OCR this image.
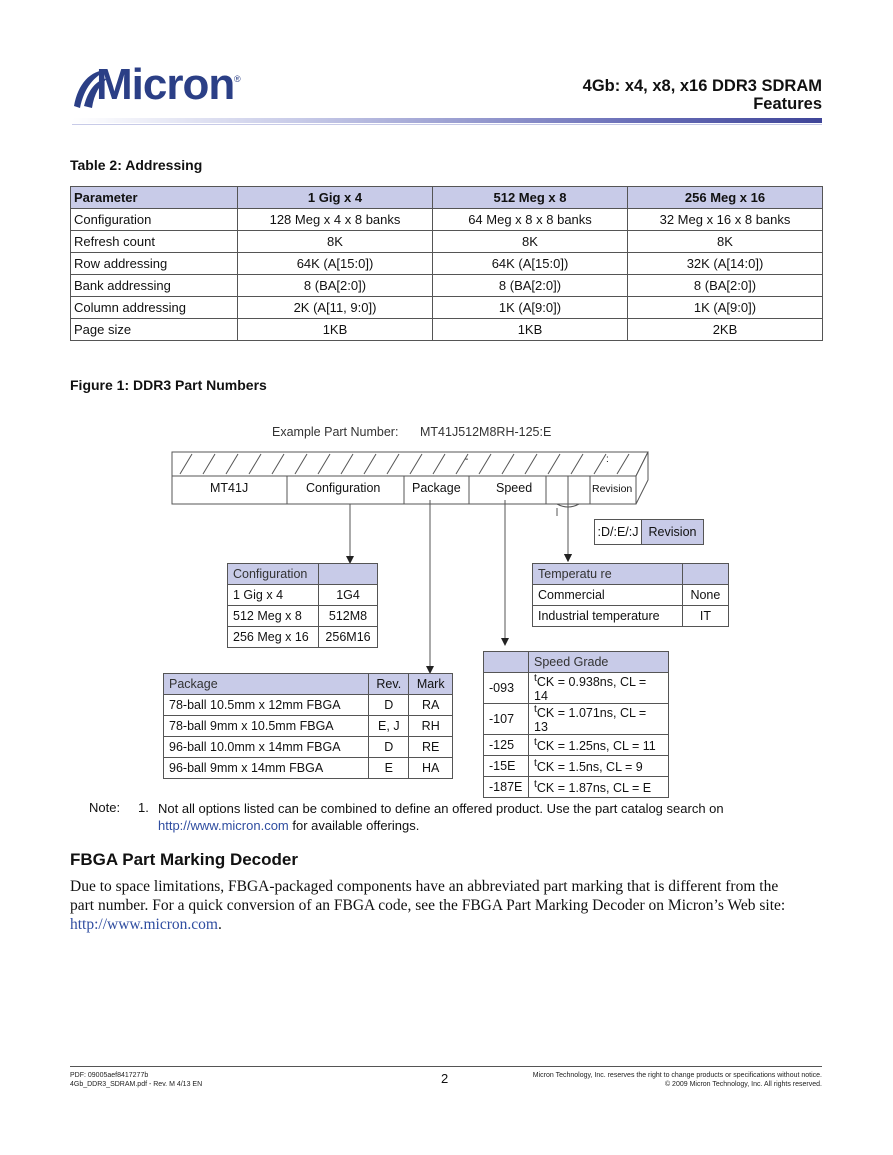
Micron ®	4Gb: x4, x8, x16 DDR3 SDRAM
Features
Table 2: Addressing
Parameter	1 Gig x 4	512 Meg x 8	256 Meg x 16
Configuration	128 Meg x 4 x 8 banks	64 Meg x 8 x 8 banks	32 Meg x 16 x 8 banks
Refresh count	8K	8K	8K
Row addressing	64K (A[15:0])	64K (A[15:0])	32K (A[14:0])
Bank addressing	8 (BA[2:0])	8 (BA[2:0])	8 (BA[2:0])
Column addressing	2K (A[11, 9:0])	1K (A[9:0])	1K (A[9:0])
Page size	1KB	1KB	2KB
Figure 1: DDR3 Part Numbers
Example Part Number: MT41J512M8RH-125:E
MT41J	Configuration	Package	Speed	Revision
-	:
:D/:E/:J Revision
Configuration	
1 Gig x 4	1G4
512 Meg x 8	512M8
256 Meg x 16	256M16
Temperatu re	
Commercial	None
Industrial temperature	IT
Package	Rev.	Mark
78-ball 10.5mm x 12mm FBGA	D	RA
78-ball 9mm x 10.5mm FBGA	E, J	RH
96-ball 10.0mm x 14mm FBGA	D	RE
96-ball 9mm x 14mm FBGA	E	HA
	Speed Grade
-093	$^t$CK = 0.938ns, CL = 14
-107	$^t$CK = 1.071ns, CL = 13
-125	$^t$CK = 1.25ns, CL = 11
-15E	$^t$CK = 1.5ns, CL = 9
-187E	$^t$CK = 1.87ns, CL = E
Note: 1. Not all options listed can be combined to define an offered product. Use the part catalog search on
http://www.micron.com for available offerings.
FBGA Part Marking Decoder
Due to space limitations, FBGA-packaged components have an abbreviated part marking that is different from the
part number. For a quick conversion of an FBGA code, see the FBGA Part Marking Decoder on Micron’s Web site:
http://www.micron.com.
PDF: 09005aef8417277b
4Gb_DDR3_SDRAM.pdf - Rev. M 4/13 EN	2	Micron Technology, Inc. reserves the right to change products or specifications without notice.
© 2009 Micron Technology, Inc. All rights reserved.
